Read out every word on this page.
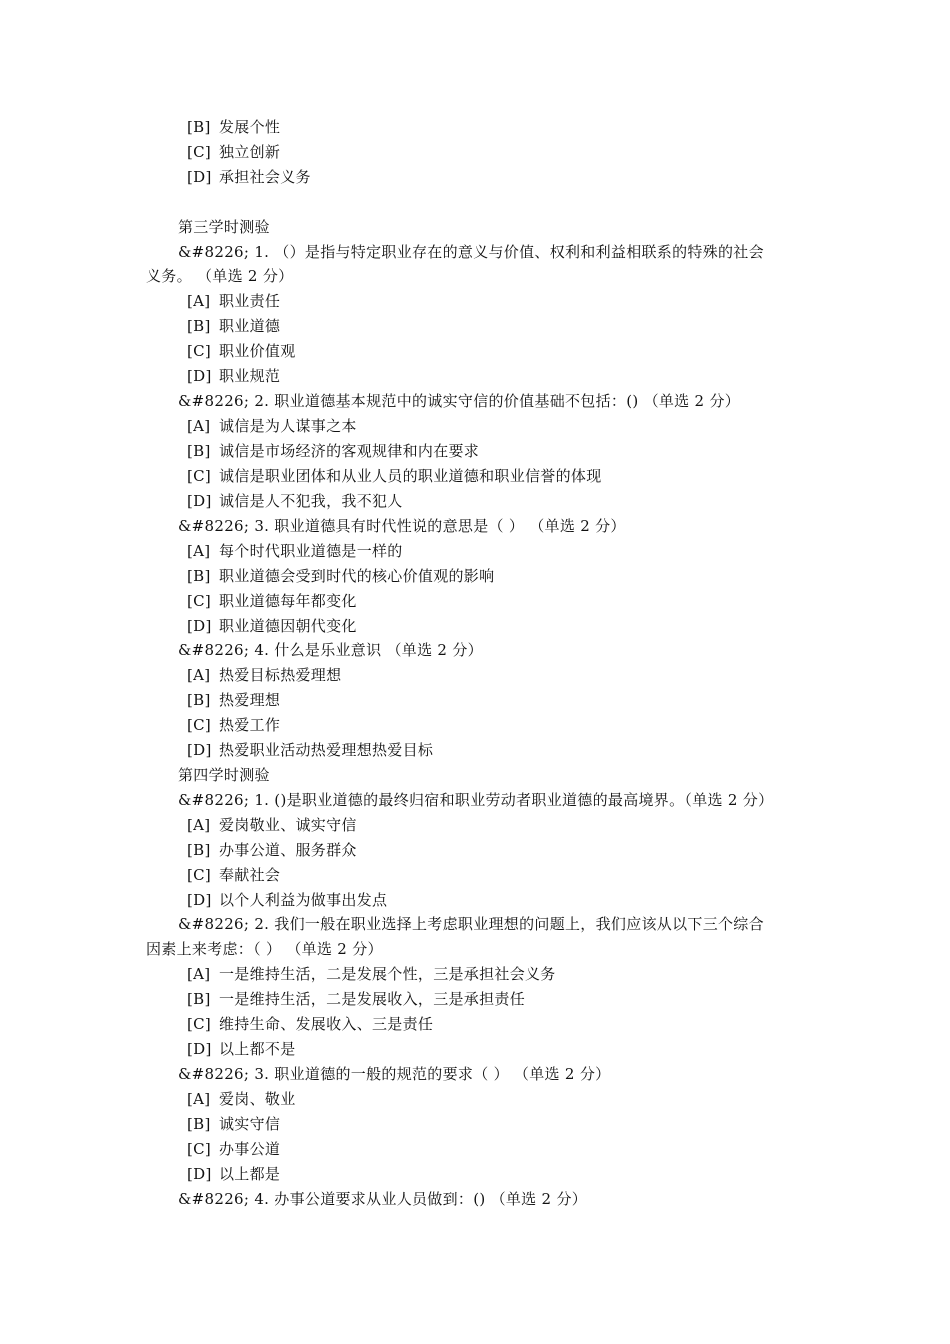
[B] 发展个性
[C] 独立创新
[D] 承担社会义务
第三学时测验
&#8226; 1. （）是指与特定职业存在的意义与价值、权利和利益相联系的特殊的社会
义务。 （单选 2 分）
[A] 职业责任
[B] 职业道德
[C] 职业价值观
[D] 职业规范
&#8226; 2. 职业道德基本规范中的诚实守信的价值基础不包括：() （单选 2 分）
[A] 诚信是为人谋事之本
[B] 诚信是市场经济的客观规律和内在要求
[C] 诚信是职业团体和从业人员的职业道德和职业信誉的体现
[D] 诚信是人不犯我，我不犯人
&#8226; 3. 职业道德具有时代性说的意思是（ ） （单选 2 分）
[A] 每个时代职业道德是一样的
[B] 职业道德会受到时代的核心价值观的影响
[C] 职业道德每年都变化
[D] 职业道德因朝代变化
&#8226; 4. 什么是乐业意识 （单选 2 分）
[A] 热爱目标热爱理想
[B] 热爱理想
[C] 热爱工作
[D] 热爱职业活动热爱理想热爱目标
第四学时测验
&#8226; 1. ()是职业道德的最终归宿和职业劳动者职业道德的最高境界。（单选 2 分）
[A] 爱岗敬业、诚实守信
[B] 办事公道、服务群众
[C] 奉献社会
[D] 以个人利益为做事出发点
&#8226; 2. 我们一般在职业选择上考虑职业理想的问题上，我们应该从以下三个综合
因素上来考虑：（ ） （单选 2 分）
[A] 一是维持生活，二是发展个性，三是承担社会义务
[B] 一是维持生活，二是发展收入，三是承担责任
[C] 维持生命、发展收入、三是责任
[D] 以上都不是
&#8226; 3. 职业道德的一般的规范的要求（ ） （单选 2 分）
[A] 爱岗、敬业
[B] 诚实守信
[C] 办事公道
[D] 以上都是
&#8226; 4. 办事公道要求从业人员做到：() （单选 2 分）
